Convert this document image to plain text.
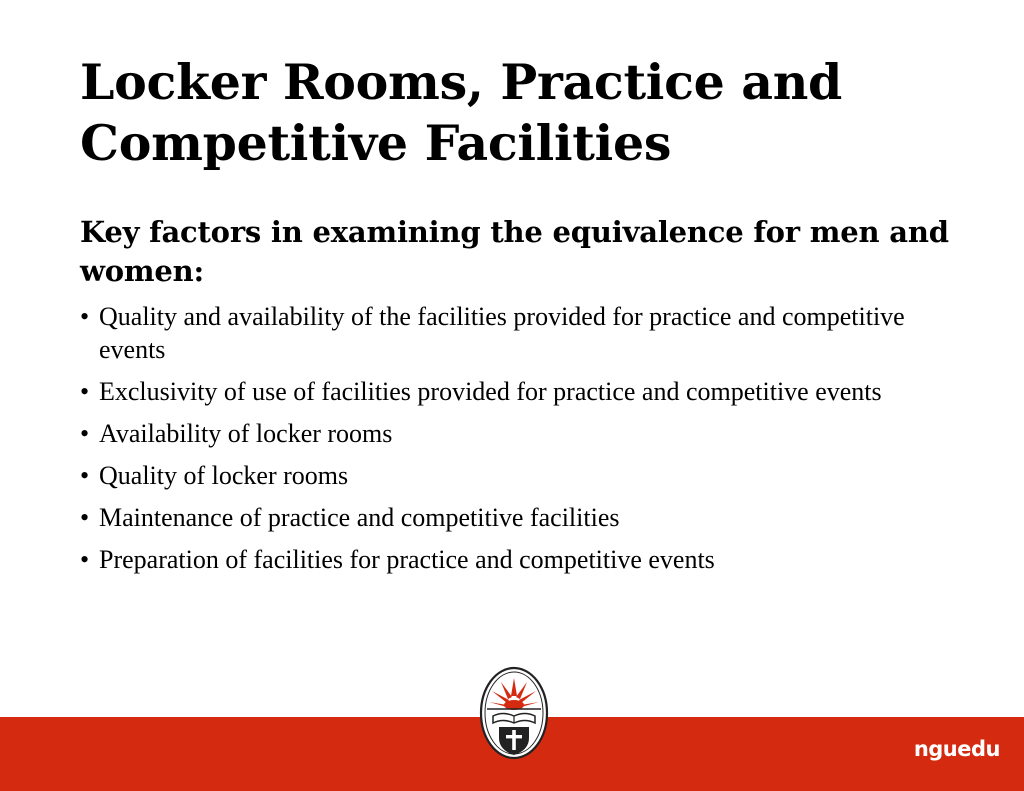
Locker Rooms, Practice and Competitive Facilities
Key factors in examining the equivalence for men and women:
• Quality and availability of the facilities provided for practice and competitive events
• Exclusivity of use of facilities provided for practice and competitive events
• Availability of locker rooms
• Quality of locker rooms
• Maintenance of practice and competitive facilities
• Preparation of facilities for practice and competitive events
nguedu
